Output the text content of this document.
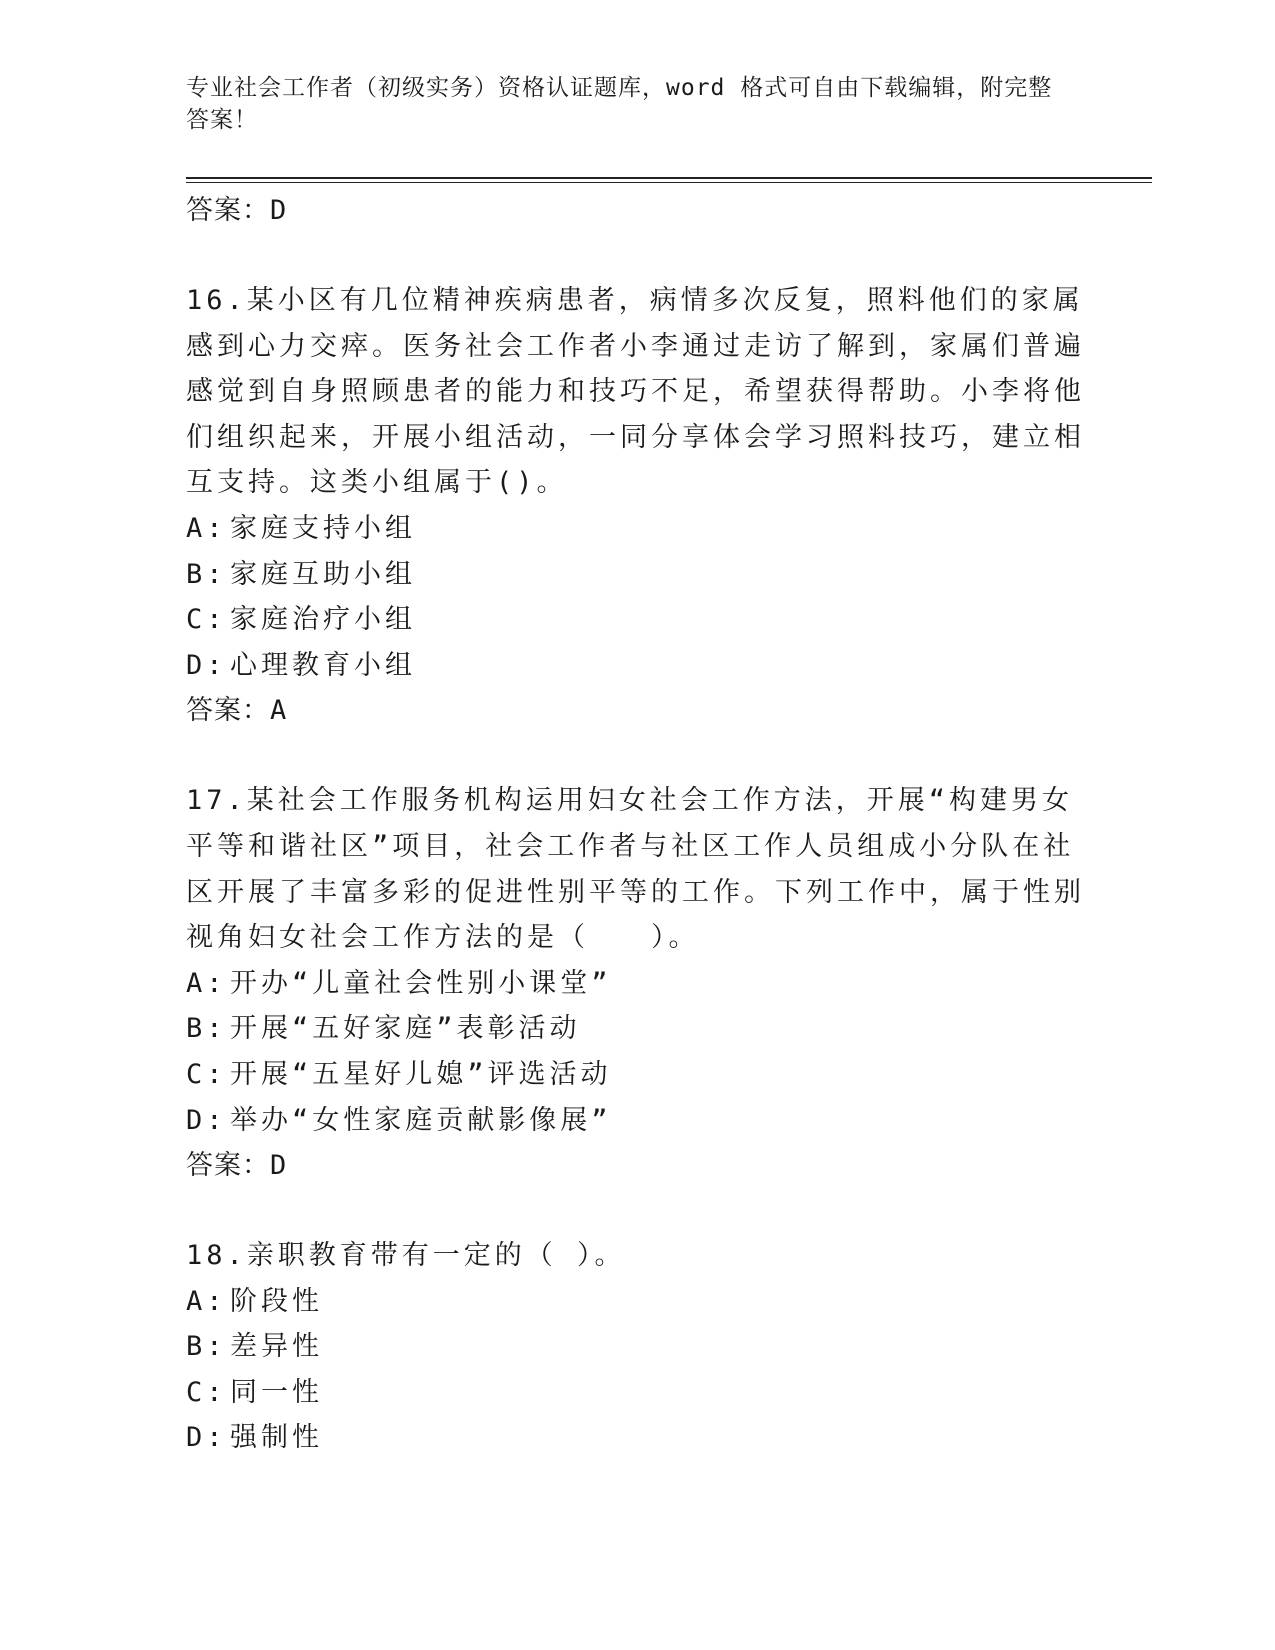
专业社会工作者（初级实务）资格认证题库，word 格式可自由下载编辑，附完整答案！
答案：D
16.某小区有几位精神疾病患者，病情多次反复，照料他们的家属感到心力交瘁。医务社会工作者小李通过走访了解到，家属们普遍感觉到自身照顾患者的能力和技巧不足，希望获得帮助。小李将他们组织起来，开展小组活动，一同分享体会学习照料技巧，建立相互支持。这类小组属于()。
A: 家庭支持小组
B: 家庭互助小组
C: 家庭治疗小组
D: 心理教育小组
答案：A
17.某社会工作服务机构运用妇女社会工作方法，开展“构建男女平等和谐社区”项目，社会工作者与社区工作人员组成小分队在社区开展了丰富多彩的促进性别平等的工作。下列工作中，属于性别视角妇女社会工作方法的是（　　）。
A: 开办“儿童社会性别小课堂”
B: 开展“五好家庭”表彰活动
C: 开展“五星好儿媳”评选活动
D: 举办“女性家庭贡献影像展”
答案：D
18.亲职教育带有一定的（ ）。
A: 阶段性
B: 差异性
C: 同一性
D: 强制性
